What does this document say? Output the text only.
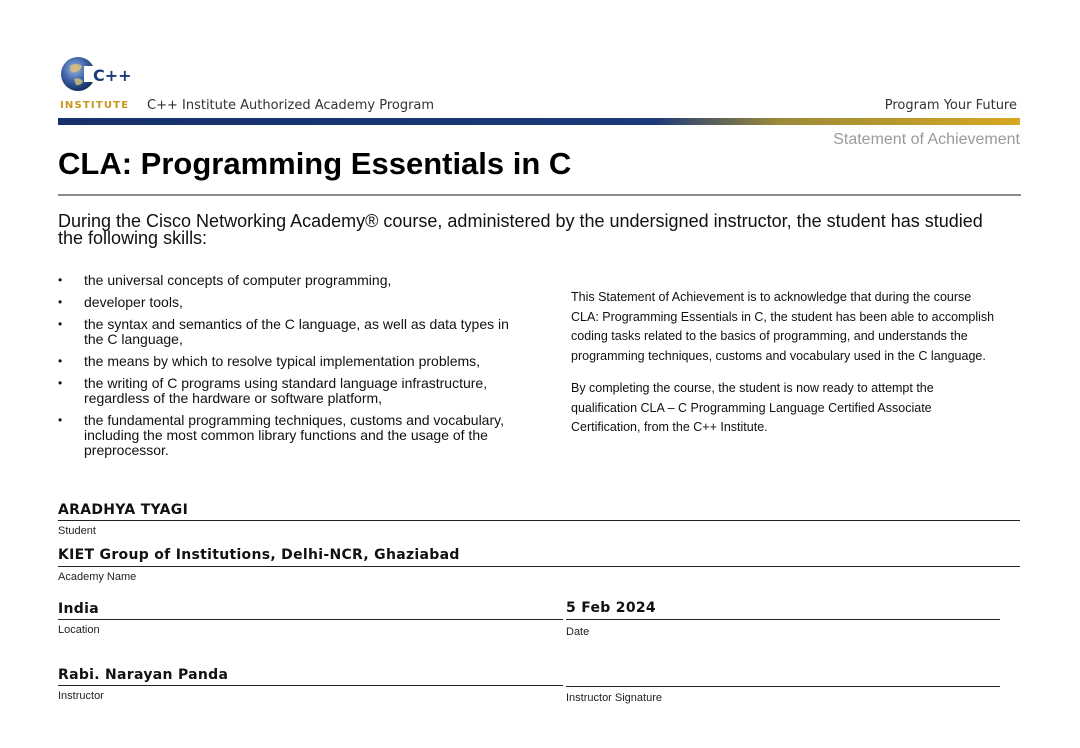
C++
INSTITUTE C++ Institute Authorized Academy Program	Program Your Future
Statement of Achievement
CLA: Programming Essentials in C
During the Cisco Networking Academy® course, administered by the undersigned instructor, the student has studied the following skills:
• the universal concepts of computer programming,
• developer tools,
• the syntax and semantics of the C language, as well as data types in the C language,
• the means by which to resolve typical implementation problems,
• the writing of C programs using standard language infrastructure, regardless of the hardware or software platform,
• the fundamental programming techniques, customs and vocabulary, including the most common library functions and the usage of the preprocessor.

This Statement of Achievement is to acknowledge that during the course CLA: Programming Essentials in C, the student has been able to accomplish coding tasks related to the basics of programming, and understands the programming techniques, customs and vocabulary used in the C language.

By completing the course, the student is now ready to attempt the qualification CLA – C Programming Language Certified Associate Certification, from the C++ Institute.

ARADHYA TYAGI
Student
KIET Group of Institutions, Delhi-NCR, Ghaziabad
Academy Name
India
Location
5 Feb 2024
Date
Rabi. Narayan Panda
Instructor	Instructor Signature
